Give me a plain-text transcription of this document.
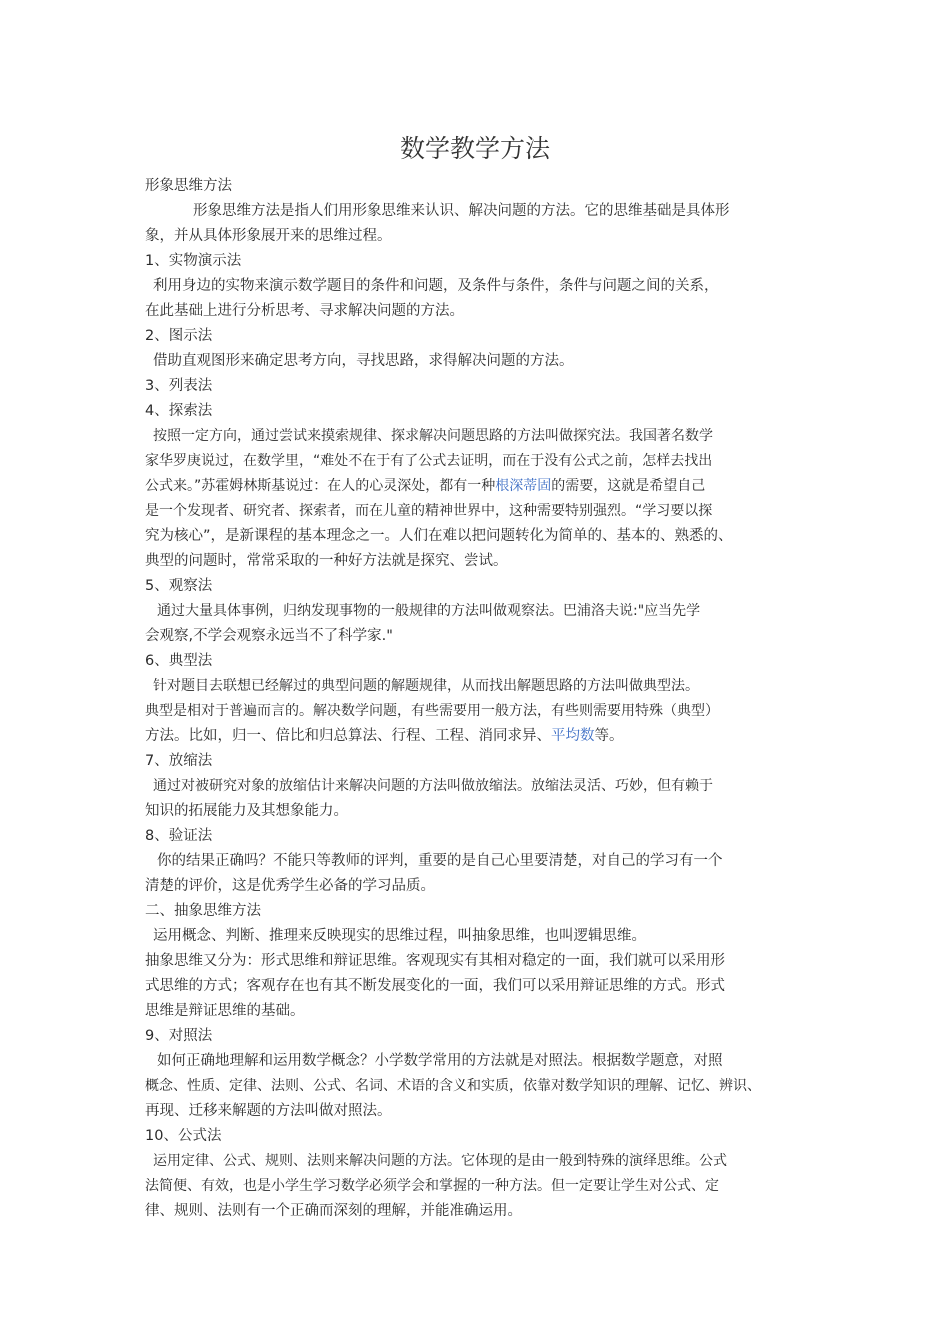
数学教学方法

形象思维方法

形象思维方法是指人们用形象思维来认识、解决问题的方法。它的思维基础是具体形

象，并从具体形象展开来的思维过程。

1、实物演示法

利用身边的实物来演示数学题目的条件和问题，及条件与条件，条件与问题之间的关系，

在此基础上进行分析思考、寻求解决问题的方法。

2、图示法

借助直观图形来确定思考方向，寻找思路，求得解决问题的方法。

3、列表法

4、探索法

按照一定方向，通过尝试来摸索规律、探求解决问题思路的方法叫做探究法。我国著名数学

家华罗庚说过，在数学里，“难处不在于有了公式去证明，而在于没有公式之前，怎样去找出

公式来。”苏霍姆林斯基说过：在人的心灵深处，都有一种根深蒂固的需要，这就是希望自己

是一个发现者、研究者、探索者，而在儿童的精神世界中，这种需要特别强烈。“学习要以探

究为核心”，是新课程的基本理念之一。人们在难以把问题转化为简单的、基本的、熟悉的、

典型的问题时，常常采取的一种好方法就是探究、尝试。

5、观察法

通过大量具体事例，归纳发现事物的一般规律的方法叫做观察法。巴浦洛夫说:"应当先学

会观察,不学会观察永远当不了科学家."

6、典型法

针对题目去联想已经解过的典型问题的解题规律，从而找出解题思路的方法叫做典型法。

典型是相对于普遍而言的。解决数学问题，有些需要用一般方法，有些则需要用特殊（典型）

方法。比如，归一、倍比和归总算法、行程、工程、消同求异、平均数等。

7、放缩法

通过对被研究对象的放缩估计来解决问题的方法叫做放缩法。放缩法灵活、巧妙，但有赖于

知识的拓展能力及其想象能力。

8、验证法

你的结果正确吗？不能只等教师的评判，重要的是自己心里要清楚，对自己的学习有一个

清楚的评价，这是优秀学生必备的学习品质。

二、抽象思维方法

运用概念、判断、推理来反映现实的思维过程，叫抽象思维，也叫逻辑思维。

抽象思维又分为：形式思维和辩证思维。客观现实有其相对稳定的一面，我们就可以采用形

式思维的方式；客观存在也有其不断发展变化的一面，我们可以采用辩证思维的方式。形式

思维是辩证思维的基础。

9、对照法

如何正确地理解和运用数学概念？小学数学常用的方法就是对照法。根据数学题意，对照

概念、性质、定律、法则、公式、名词、术语的含义和实质，依靠对数学知识的理解、记忆、辨识、

再现、迁移来解题的方法叫做对照法。

10、公式法

运用定律、公式、规则、法则来解决问题的方法。它体现的是由一般到特殊的演绎思维。公式

法简便、有效，也是小学生学习数学必须学会和掌握的一种方法。但一定要让学生对公式、定

律、规则、法则有一个正确而深刻的理解，并能准确运用。
